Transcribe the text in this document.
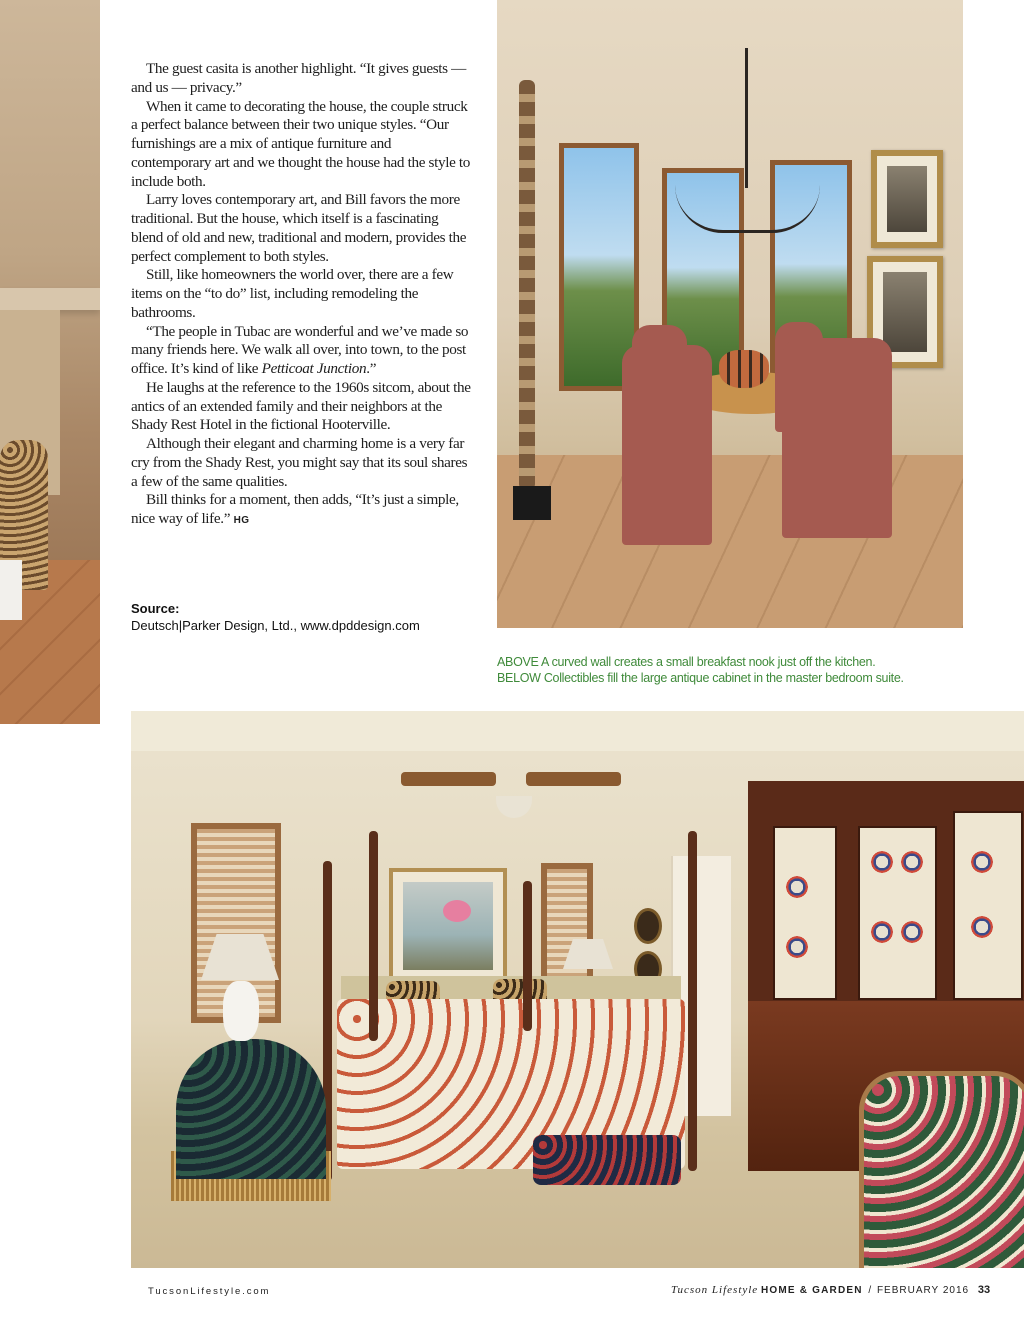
The guest casita is another highlight. “It gives guests — and us — privacy.”

When it came to decorating the house, the couple struck a perfect balance between their two unique styles. “Our furnishings are a mix of antique furniture and contemporary art and we thought the house had the style to include both.

Larry loves contemporary art, and Bill favors the more traditional. But the house, which itself is a fascinating blend of old and new, traditional and modern, provides the perfect complement to both styles.

Still, like homeowners the world over, there are a few items on the “to do” list, including remodeling the bathrooms.

“The people in Tubac are wonderful and we’ve made so many friends here. We walk all over, into town, to the post office. It’s kind of like Petticoat Junction.”

He laughs at the reference to the 1960s sitcom, about the antics of an extended family and their neighbors at the Shady Rest Hotel in the fictional Hooterville.

Although their elegant and charming home is a very far cry from the Shady Rest, you might say that its soul shares a few of the same qualities.

Bill thinks for a moment, then adds, “It’s just a simple, nice way of life.” HG

Source:
Deutsch|Parker Design, Ltd., www.dpddesign.com
ABOVE A curved wall creates a small breakfast nook just off the kitchen.
BELOW Collectibles fill the large antique cabinet in the master bedroom suite.
TucsonLifestyle.com	Tucson Lifestyle HOME & GARDEN / FEBRUARY 2016 33
